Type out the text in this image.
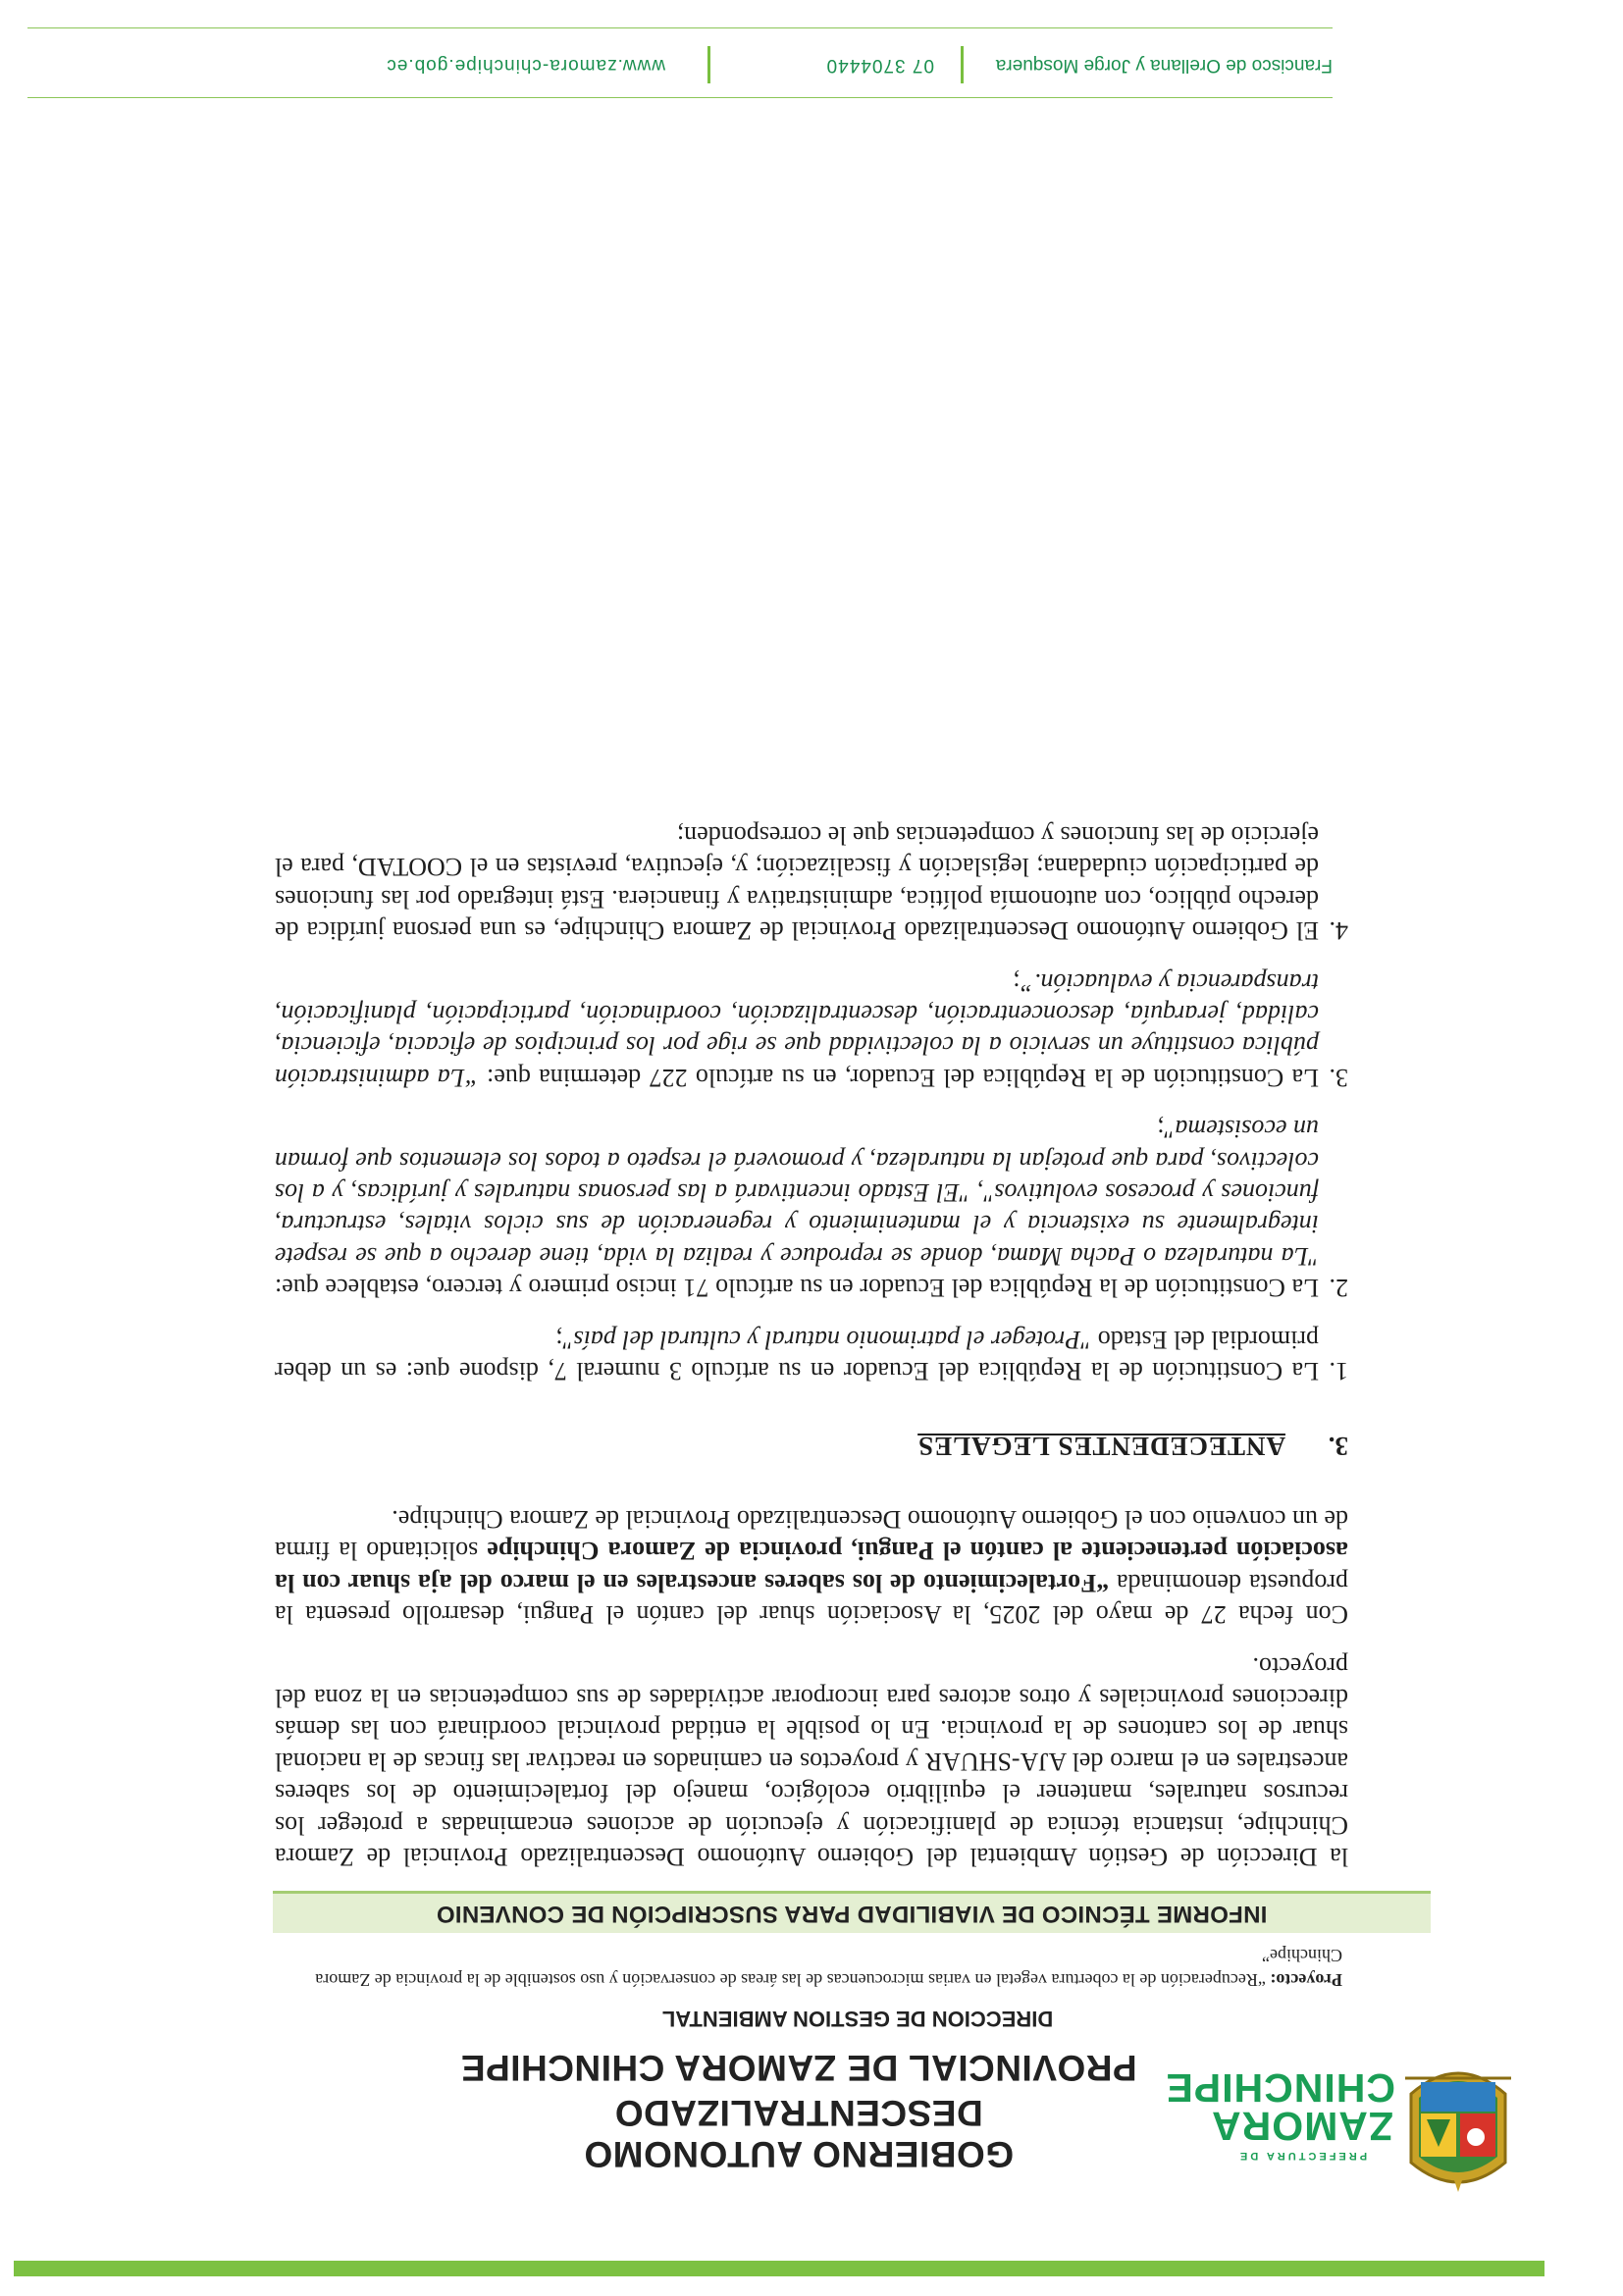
PREFECTURA DE
ZAMORA
CHINCHIPE
GOBIERNO AUTONOMO DESCENTRALIZADO
PROVINCIAL DE ZAMORA CHINCHIPE
DIRECCION DE GESTION AMBIENTAL
Proyecto: “Recuperación de la cobertura vegetal en varias microcuencas de las áreas de conservación y uso sostenible de la provincia de Zamora Chinchipe”
INFORME TÉCNICO DE VIABILIDAD PARA SUSCRIPCIÓN DE CONVENIO

la Dirección de Gestión Ambiental del Gobierno Autónomo Descentralizado Provincial de Zamora Chinchipe, instancia técnica de planificación y ejecución de acciones encaminadas a proteger los recursos naturales, mantener el equilibrio ecológico, manejo del fortalecimiento de los saberes ancestrales en el marco del AJA-SHUAR y proyectos en caminados en reactivar las fincas de la nacional shuar de los cantones de la provincia. En lo posible la entidad provincial coordinará con las demás direcciones provinciales y otros actores para incorporar actividades de sus competencias en la zona del proyecto.

Con fecha 27 de mayo del 2025, la Asociación shuar del cantón el Pangui, desarrollo presenta la propuesta denominada “Fortalecimiento de los saberes ancestrales en el marco del aja shuar con la asociación perteneciente al cantón el Pangui, provincia de Zamora Chinchipe solicitando la firma de un convenio con el Gobierno Autónomo Descentralizado Provincial de Zamora Chinchipe.

3.ANTECEDENTES LEGALES
1.
La Constitución de la República del Ecuador en su artículo 3 numeral 7, dispone que: es un deber primordial del Estado "Proteger el patrimonio natural y cultural del país";
2.
La Constitución de la República del Ecuador en su artículo 71 inciso primero y tercero, establece que: "La naturaleza o Pacha Mama, donde se reproduce y realiza la vida, tiene derecho a que se respete integralmente su existencia y el mantenimiento y regeneración de sus ciclos vitales, estructura, funciones y procesos evolutivos", "El Estado incentivará a las personas naturales y jurídicas, y a los colectivos, para que protejan la naturaleza, y promoverá el respeto a todos los elementos que forman un ecosistema";
3.
La Constitución de la República del Ecuador, en su artículo 227 determina que: “La administración pública constituye un servicio a la colectividad que se rige por los principios de eficacia, eficiencia, calidad, jerarquía, desconcentración, descentralización, coordinación, participación, planificación, transparencia y evaluación.”;
4.
El Gobierno Autónomo Descentralizado Provincial de Zamora Chinchipe, es una persona jurídica de derecho público, con autonomía política, administrativa y financiera. Está integrado por las funciones de participación ciudadana; legislación y fiscalización; y, ejecutiva, previstas en el COOTAD, para el ejercicio de las funciones y competencias que le corresponden;
Francisco de Orellana y Jorge Mosquera
07 3704440
www.zamora-chinchipe.gob.ec
